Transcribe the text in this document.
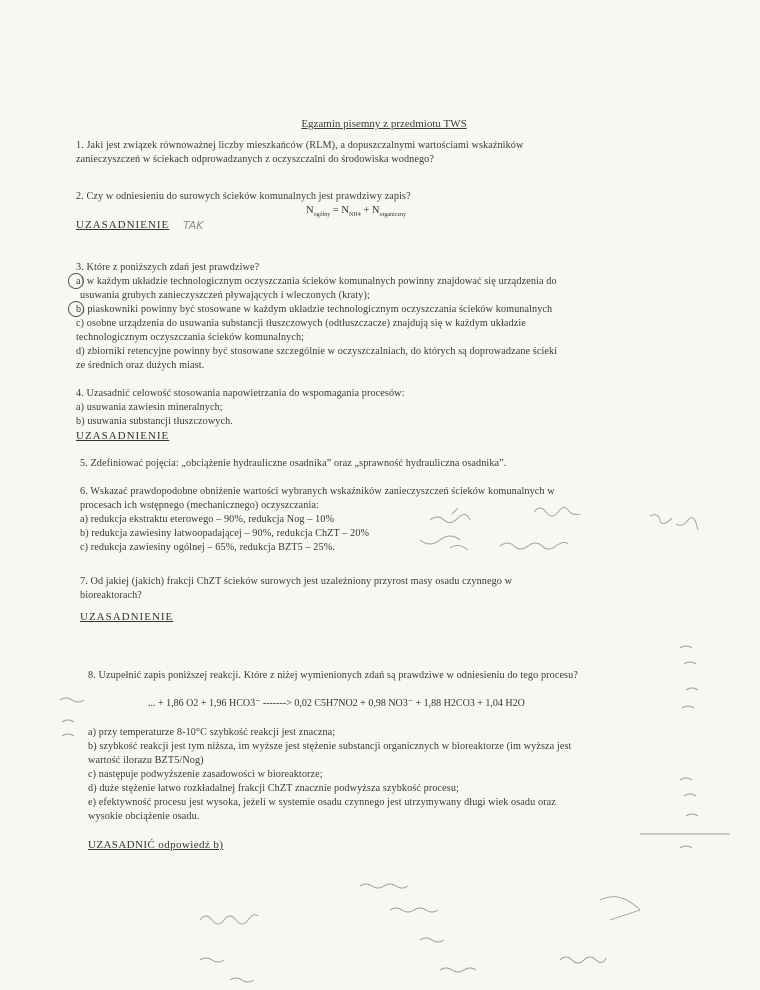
Egzamin pisemny z przedmiotu TWS
1. Jaki jest związek równoważnej liczby mieszkańców (RLM), a dopuszczalnymi wartościami wskaźników
zanieczyszczeń w ściekach odprowadzanych z oczyszczalni do środowiska wodnego?
2. Czy w odniesieniu do surowych ścieków komunalnych jest prawdziwy zapis?
$N_{ogólny} = N_{NH4} + N_{organiczny}$
UZASADNIENIE TAK
3. Które z poniższych zdań jest prawdziwe?
a) w każdym układzie technologicznym oczyszczania ścieków komunalnych powinny znajdować się urządzenia do
usuwania grubych zanieczyszczeń pływających i wleczonych (kraty);
b) piaskowniki powinny być stosowane w każdym układzie technologicznym oczyszczania ścieków komunalnych
c) osobne urządzenia do usuwania substancji tłuszczowych (odtłuszczacze) znajdują się w każdym układzie
technologicznym oczyszczania ścieków komunalnych;
d) zbiorniki retencyjne powinny być stosowane szczególnie w oczyszczalniach, do których są doprowadzane ścieki
ze średnich oraz dużych miast.
4. Uzasadnić celowość stosowania napowietrzania do wspomagania procesów:
a) usuwania zawiesin mineralnych;
b) usuwania substancji tłuszczowych.
UZASADNIENIE
5. Zdefiniować pojęcia: „obciążenie hydrauliczne osadnika” oraz „sprawność hydrauliczna osadnika”.
6. Wskazać prawdopodobne obniżenie wartości wybranych wskaźników zanieczyszczeń ścieków komunalnych w
procesach ich wstępnego (mechanicznego) oczyszczania:
a) redukcja ekstraktu eterowego – 90%, redukcja Nog – 10%
b) redukcja zawiesiny łatwoopadającej – 90%, redukcja ChZT – 20%
c) redukcja zawiesiny ogólnej – 65%, redukcja BZT5 – 25%.
7. Od jakiej (jakich) frakcji ChZT ścieków surowych jest uzależniony przyrost masy osadu czynnego w
bioreaktorach?
UZASADNIENIE
8. Uzupełnić zapis poniższej reakcji. Które z niżej wymienionych zdań są prawdziwe w odniesieniu do tego procesu?
... + 1,86 O2 + 1,96 HCO3⁻ -------> 0,02 C5H7NO2 + 0,98 NO3⁻ + 1,88 H2CO3 + 1,04 H2O
a) przy temperaturze 8-10°C szybkość reakcji jest znaczna;
b) szybkość reakcji jest tym niższa, im wyższe jest stężenie substancji organicznych w bioreaktorze (im wyższa jest
wartość ilorazu BZT5/Nog)
c) następuje podwyższenie zasadowości w bioreaktorze;
d) duże stężenie łatwo rozkładalnej frakcji ChZT znacznie podwyższa szybkość procesu;
e) efektywność procesu jest wysoka, jeżeli w systemie osadu czynnego jest utrzymywany długi wiek osadu oraz
wysokie obciążenie osadu.
UZASADNIĆ odpowiedź b)
